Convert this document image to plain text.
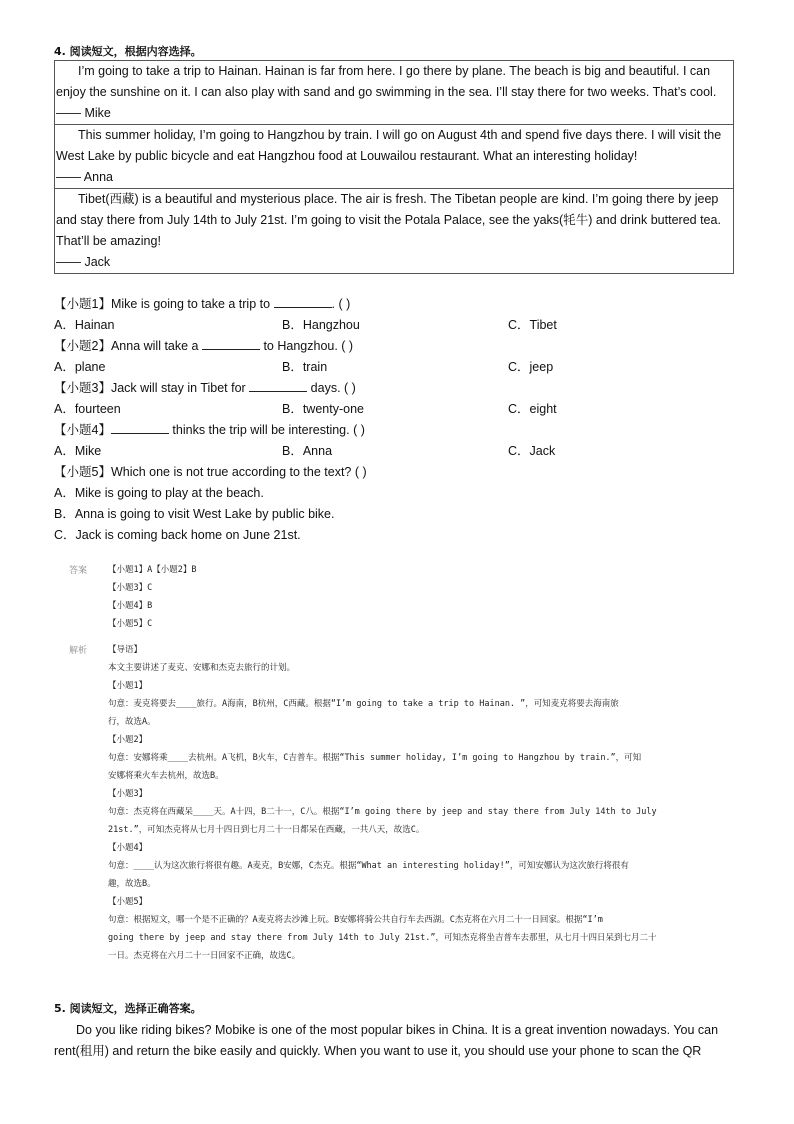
4. 阅读短文，根据内容选择。
I’m going to take a trip to Hainan. Hainan is far from here. I go there by plane. The beach is big and beautiful. I can enjoy the sunshine on it. I can also play with sand and go swimming in the sea. I’ll stay there for two weeks. That’s cool.
—— Mike
This summer holiday, I’m going to Hangzhou by train. I will go on August 4th and spend five days there. I will visit the West Lake by public bicycle and eat Hangzhou food at Louwailou restaurant. What an interesting holiday!
—— Anna
Tibet(西藏) is a beautiful and mysterious place. The air is fresh. The Tibetan people are kind. I’m going there by jeep and stay there from July 14th to July 21st. I’m going to visit the Potala Palace, see the yaks(牦牛) and drink buttered tea. That’ll be amazing!
—— Jack
【小题1】Mike is going to take a trip to	. ( )
A．Hainan	B．Hangzhou	C．Tibet
【小题2】Anna will take a	to Hangzhou. ( )
A．plane	B．train	C．jeep
【小题3】Jack will stay in Tibet for	days. ( )
A．fourteen	B．twenty-one	C．eight
【小题4】	thinks the trip will be interesting. ( )
A．Mike	B．Anna	C．Jack
【小题5】Which one is not true according to the text? ( )
A．Mike is going to play at the beach.
B．Anna is going to visit West Lake by public bike.
C．Jack is coming back home on June 21st.
答案 【小题1】A【小题2】B
【小题3】C
【小题4】B
【小题5】C
解析 【导语】
本文主要讲述了麦克、安娜和杰克去旅行的计划。
【小题1】
句意：麦克将要去____旅行。A海南，B杭州，C西藏。根据“I’m going to take a trip to Hainan. ”，可知麦克将要去海南旅
行，故选A。
【小题2】
句意：安娜将乘____去杭州。A飞机，B火车，C吉普车。根据“This summer holiday, I’m going to Hangzhou by train.”，可知
安娜将乘火车去杭州，故选B。
【小题3】
句意：杰克将在西藏呆____天。A十四，B二十一，C八。根据“I’m going there by jeep and stay there from July 14th to July
21st.”，可知杰克将从七月十四日到七月二十一日都呆在西藏，一共八天，故选C。
【小题4】
句意：____认为这次旅行将很有趣。A麦克，B安娜，C杰克。根据“What an interesting holiday!”，可知安娜认为这次旅行将很有
趣，故选B。
【小题5】
句意：根据短文，哪一个是不正确的？A麦克将去沙滩上玩。B安娜将骑公共自行车去西湖。C杰克将在六月二十一日回家。根据“I’m
going there by jeep and stay there from July 14th to July 21st.”，可知杰克将坐吉普车去那里，从七月十四日呆到七月二十
一日。杰克将在六月二十一日回家不正确，故选C。
5. 阅读短文，选择正确答案。
Do you like riding bikes? Mobike is one of the most popular bikes in China. It is a great invention nowadays. You can rent(租用) and return the bike easily and quickly. When you want to use it, you should use your phone to scan the QR
